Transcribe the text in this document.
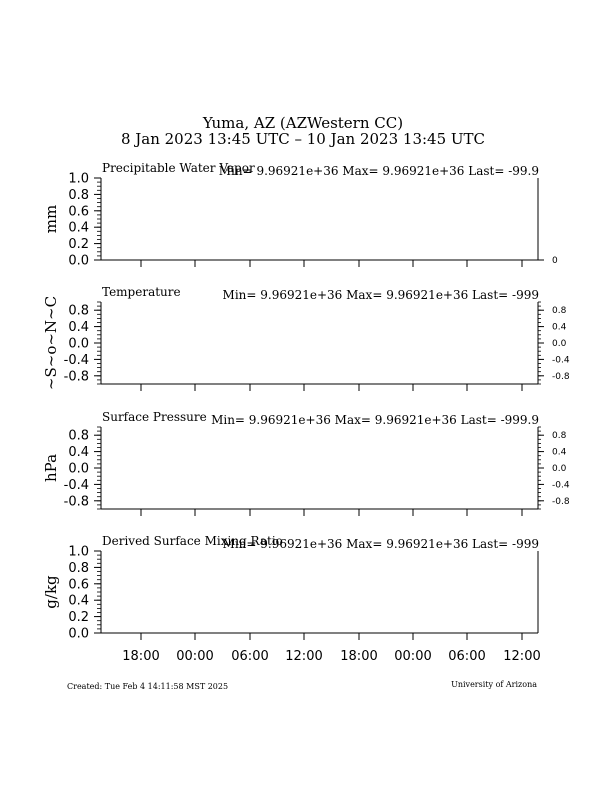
Yuma, AZ (AZWestern CC)
8 Jan 2023 13:45 UTC – 10 Jan 2023 13:45 UTC
0.0
0.2
0.4
0.6
0.8
1.0
0
mm
Precipitable Water Vapor
Min= 9.96921e+36 Max= 9.96921e+36 Last= -99.9
-0.8
-0.4
0.0
0.4
0.8	0.8
0.4
0.0
-0.4
-0.8
~S~o~N~C
Temperature	Min= 9.96921e+36 Max= 9.96921e+36 Last= -999
-0.8
-0.4
0.0
0.4
0.8	0.8
0.4
0.0
-0.4
-0.8
hPa
Surface Pressure Min= 9.96921e+36 Max= 9.96921e+36 Last= -999.9
0.0
0.2
0.4
0.6
0.8
1.0
g/kg
Derived Surface Mixing Ratio
Min= 9.96921e+36 Max= 9.96921e+36 Last= -999
18:00 00:00 06:00 12:00 18:00 00:00 06:00 12:00
Created: Tue Feb 4 14:11:58 MST 2025	University of Arizona
